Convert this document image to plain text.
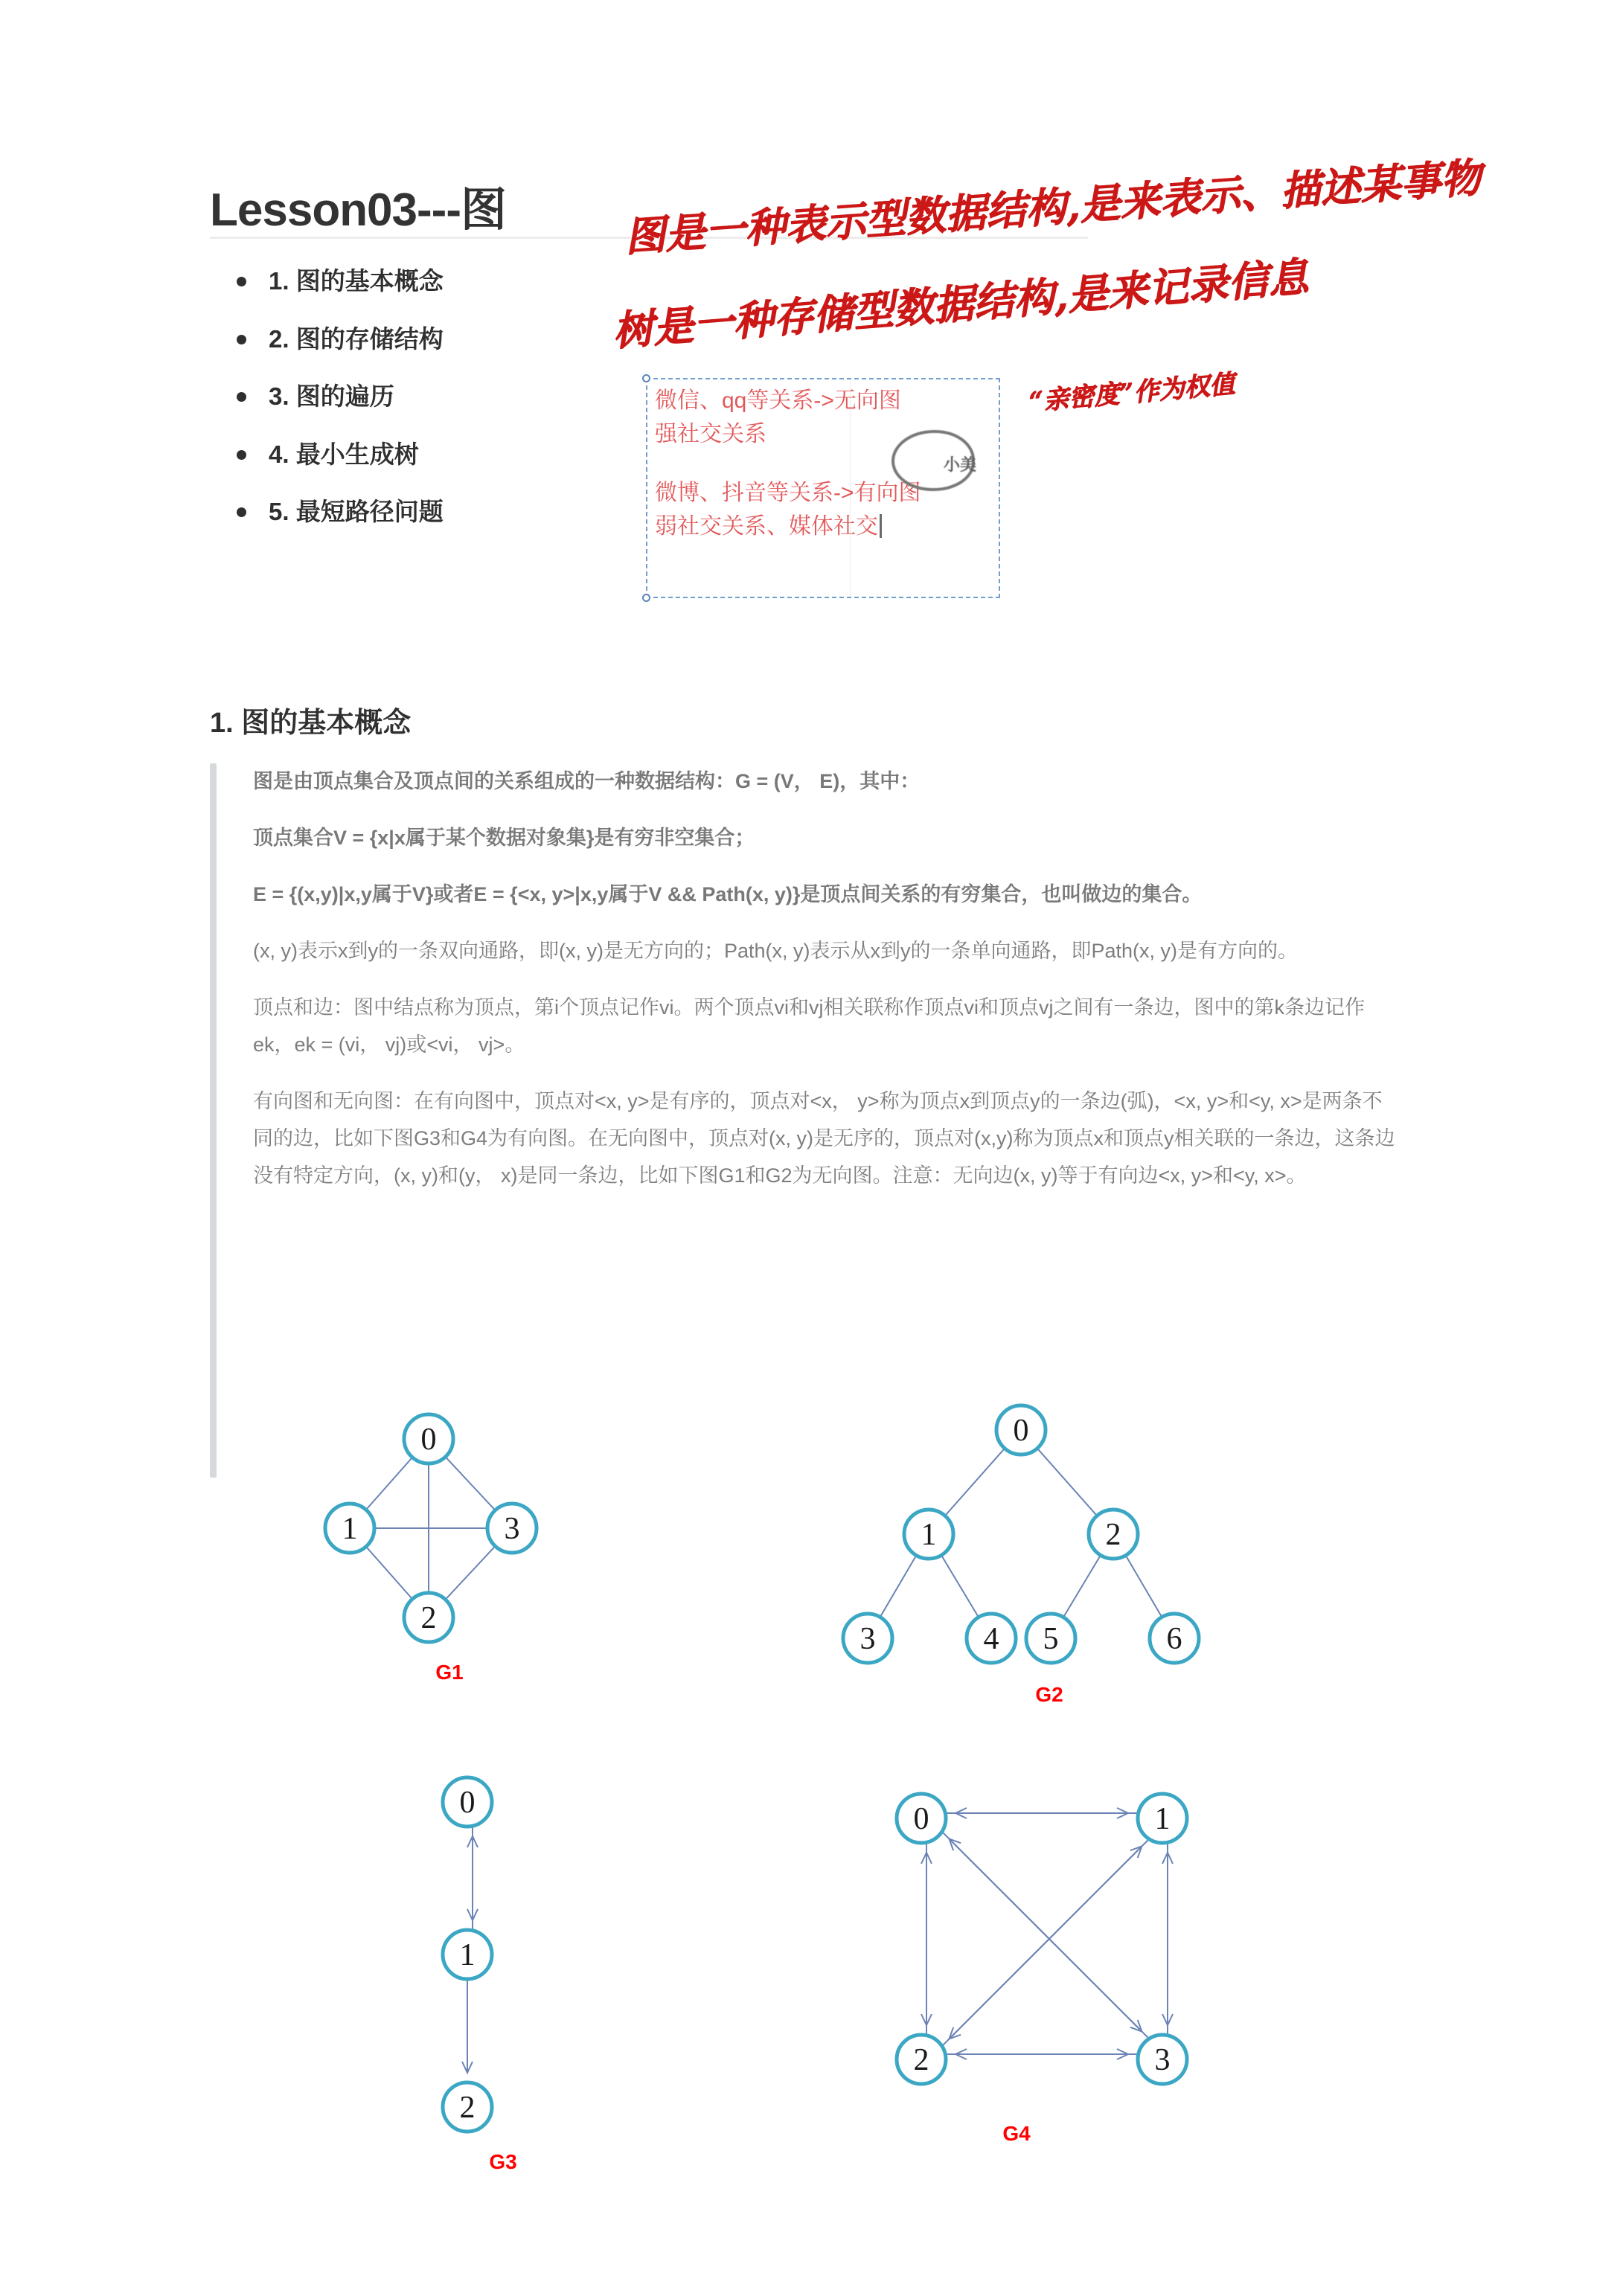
Lesson03---图
1. 图的基本概念
2. 图的存储结构
3. 图的遍历
4. 最小生成树
5. 最短路径问题
图是一种表示型数据结构,是来表示、描述某事物
树是一种存储型数据结构,是来记录信息
“亲密度”作为权值
微信、qq等关系->无向图
强社交关系
微博、抖音等关系->有向图
弱社交关系、媒体社交
小美
1. 图的基本概念
图是由顶点集合及顶点间的关系组成的一种数据结构：G = (V， E)，其中：
顶点集合V = {x|x属于某个数据对象集}是有穷非空集合；
E = {(x,y)|x,y属于V}或者E = {<x, y>|x,y属于V && Path(x, y)}是顶点间关系的有穷集合，也叫做边的集合。
(x, y)表示x到y的一条双向通路，即(x, y)是无方向的；Path(x, y)表示从x到y的一条单向通路，即Path(x, y)是有方向的。
顶点和边：图中结点称为顶点，第i个顶点记作vi。两个顶点vi和vj相关联称作顶点vi和顶点vj之间有一条边，图中的第k条边记作ek，ek = (vi， vj)或<vi， vj>。
有向图和无向图：在有向图中，顶点对<x, y>是有序的，顶点对<x， y>称为顶点x到顶点y的一条边(弧)，<x, y>和<y, x>是两条不同的边，比如下图G3和G4为有向图。在无向图中，顶点对(x, y)是无序的，顶点对(x,y)称为顶点x和顶点y相关联的一条边，这条边没有特定方向，(x, y)和(y， x)是同一条边，比如下图G1和G2为无向图。注意：无向边(x, y)等于有向边<x, y>和<y, x>。
0
1	3
2
G1
0
1	2
3	4 5	6
G2
0
1
2
G3
0	1
2	3
G4
